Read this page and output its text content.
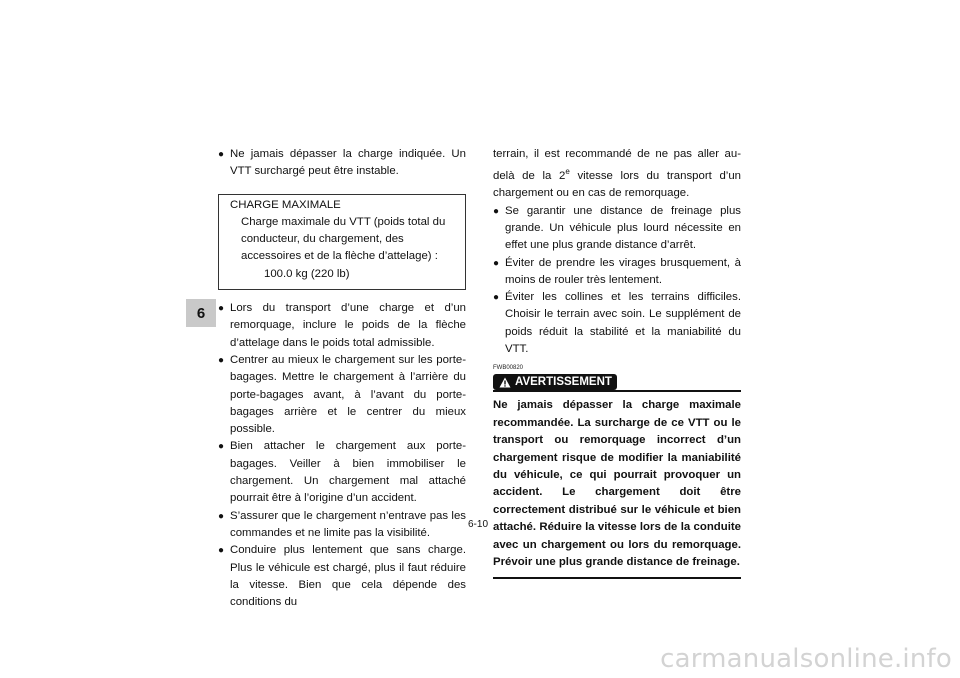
6

● Ne jamais dépasser la charge indiquée. Un VTT surchargé peut être instable.

CHARGE MAXIMALE

Charge maximale du VTT (poids total du conducteur, du chargement, des accessoires et de la flèche d’attelage) :

100.0 kg (220 lb)

● Lors du transport d’une charge et d’un remorquage, inclure le poids de la flèche d’attelage dans le poids total admissible.

● Centrer au mieux le chargement sur les porte-bagages. Mettre le chargement à l’arrière du porte-bagages avant, à l’avant du porte-bagages arrière et le centrer du mieux possible.

● Bien attacher le chargement aux porte-bagages. Veiller à bien immobiliser le chargement. Un chargement mal attaché pourrait être à l’origine d’un accident.

● S’assurer que le chargement n’entrave pas les commandes et ne limite pas la visibilité.

● Conduire plus lentement que sans charge. Plus le véhicule est chargé, plus il faut réduire la vitesse. Bien que cela dépende des conditions du

terrain, il est recommandé de ne pas aller au-delà de la 2e vitesse lors du transport d’un chargement ou en cas de remorquage.

● Se garantir une distance de freinage plus grande. Un véhicule plus lourd nécessite en effet une plus grande distance d’arrêt.

● Éviter de prendre les virages brusquement, à moins de rouler très lentement.

● Éviter les collines et les terrains difficiles. Choisir le terrain avec soin. Le supplément de poids réduit la stabilité et la maniabilité du VTT.

FWB00820
AVERTISSEMENT

Ne jamais dépasser la charge maximale recommandée. La surcharge de ce VTT ou le transport ou remorquage incorrect d’un chargement risque de modifier la maniabilité du véhicule, ce qui pourrait provoquer un accident. Le chargement doit être correctement distribué sur le véhicule et bien attaché. Réduire la vitesse lors de la conduite avec un chargement ou lors du remorquage. Prévoir une plus grande distance de freinage.

6-10
carmanualsonline.info
